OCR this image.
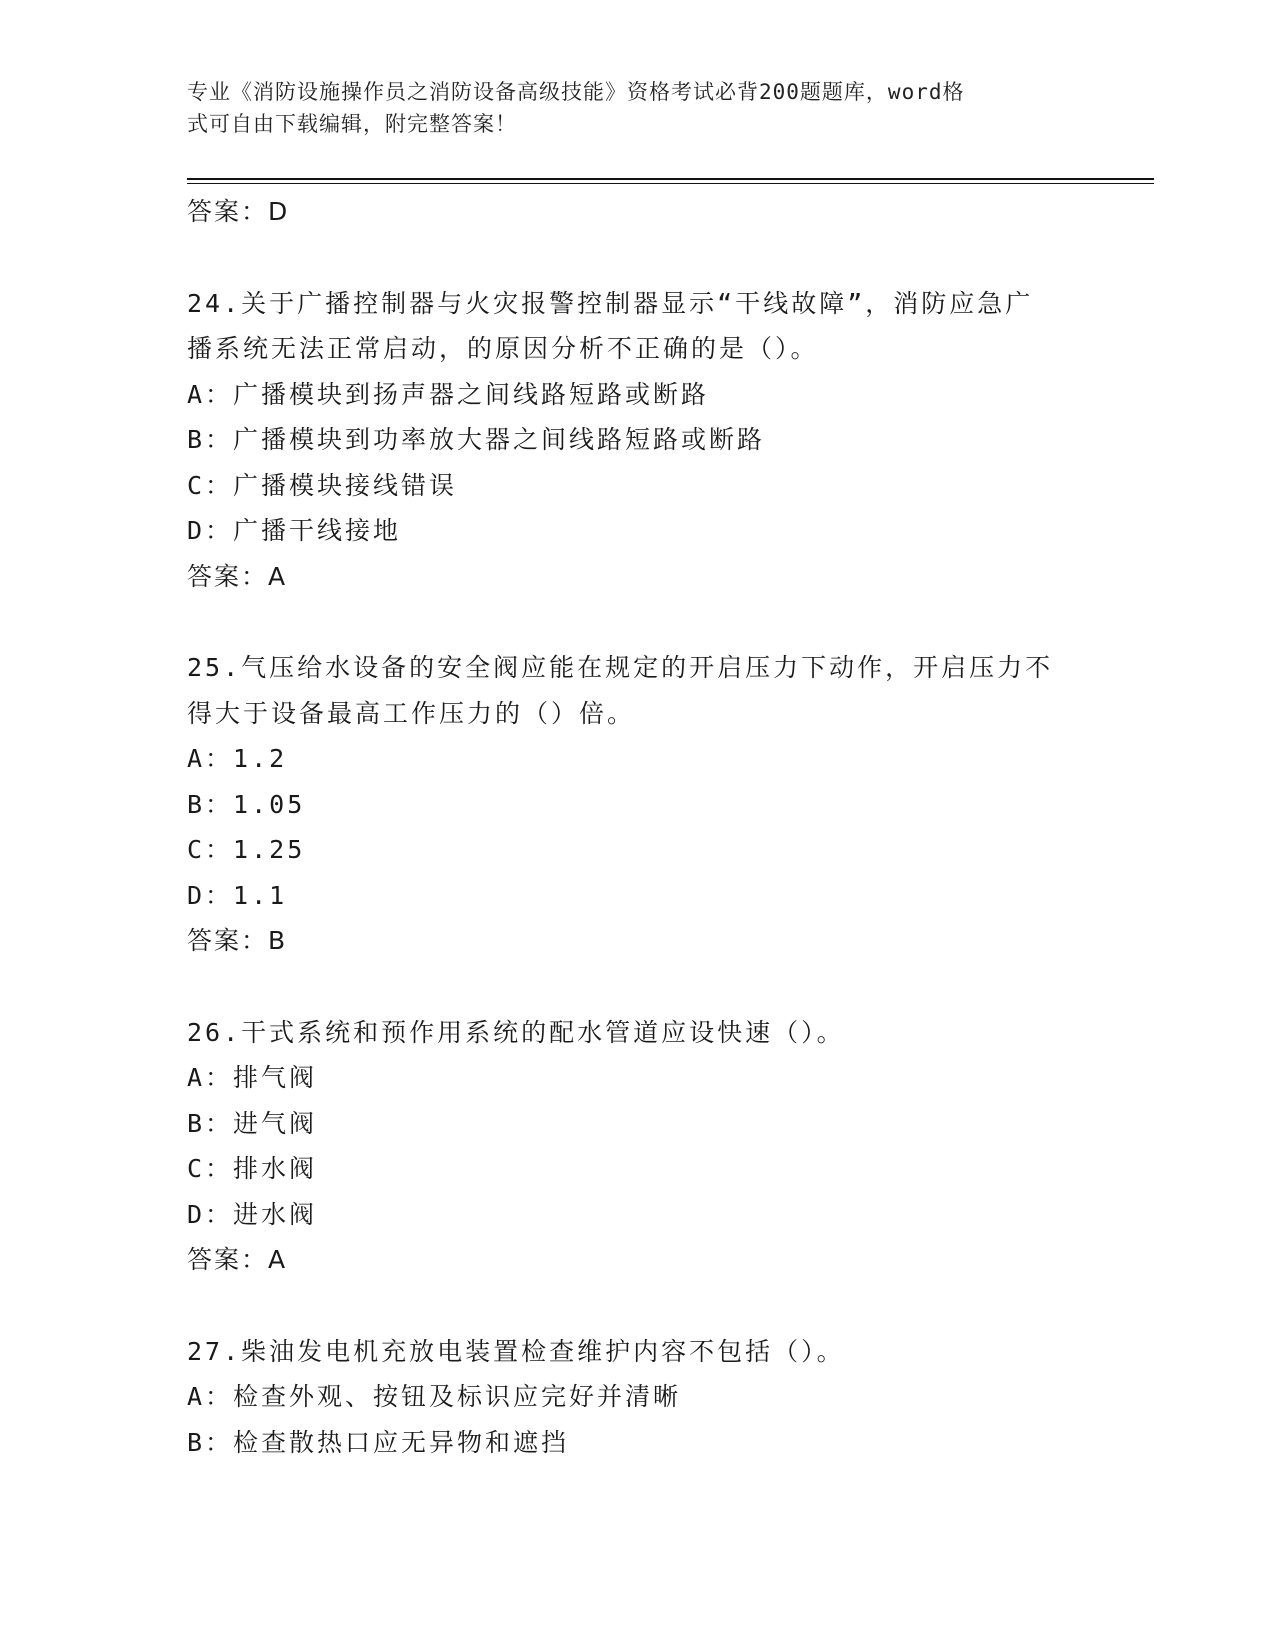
专业《消防设施操作员之消防设备高级技能》资格考试必背200题题库，word格
式可自由下载编辑，附完整答案！
答案：D
24.关于广播控制器与火灾报警控制器显示“干线故障”，消防应急广
播系统无法正常启动，的原因分析不正确的是（）。
A：广播模块到扬声器之间线路短路或断路
B：广播模块到功率放大器之间线路短路或断路
C：广播模块接线错误
D：广播干线接地
答案：A
25.气压给水设备的安全阀应能在规定的开启压力下动作，开启压力不
得大于设备最高工作压力的（）倍。
A：1.2
B：1.05
C：1.25
D：1.1
答案：B
26.干式系统和预作用系统的配水管道应设快速（）。
A：排气阀
B：进气阀
C：排水阀
D：进水阀
答案：A
27.柴油发电机充放电装置检查维护内容不包括（）。
A：检查外观、按钮及标识应完好并清晰
B：检查散热口应无异物和遮挡
